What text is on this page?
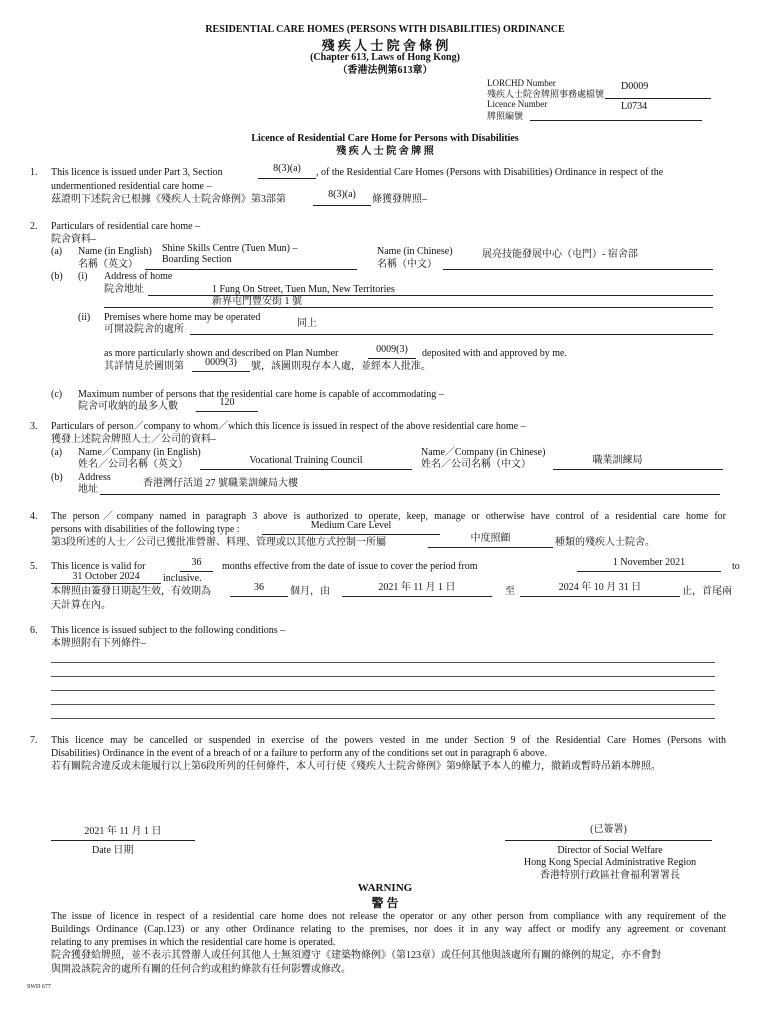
RESIDENTIAL CARE HOMES (PERSONS WITH DISABILITIES) ORDINANCE
殘 疾 人 士 院 舍 條 例
(Chapter 613, Laws of Hong Kong)
（香港法例第613章）
LORCHD Number	D0009
殘疾人士院舍牌照事務處檔號
Licence Number	L0734
牌照編號
Licence of Residential Care Home for Persons with Disabilities
殘 疾 人 士 院 舍 牌 照
1. This licence is issued under Part 3, Section	8(3)(a)	, of the Residential Care Homes (Persons with Disabilities) Ordinance in respect of the
undermentioned residential care home –
茲證明下述院舍已根據《殘疾人士院舍條例》第3部第	8(3)(a)	條獲發牌照–
2. Particulars of residential care home –
院舍資料–
(a) Name (in English) Shine Skills Centre (Tuen Mun) –
名稱（英文） Boarding Section
Name (in Chinese)	展亮技能發展中心（屯門）- 宿舍部
名稱（中文）
(b) (i) Address of home
院舍地址	1 Fung On Street, Tuen Mun, New Territories
新界屯門豐安街 1 號
(ii) Premises where home may be operated
同上
可開設院舍的處所
as more particularly shown and described on Plan Number	0009(3)	deposited with and approved by me.
其詳情見於圖則第	0009(3)	號，該圖則現存本人處，並經本人批准。
(c) Maximum number of persons that the residential care home is capable of accommodating –
院舍可收納的最多人數	120
3. Particulars of person／company to whom／which this licence is issued in respect of the above residential care home –
獲發上述院舍牌照人士／公司的資料–
(a) Name／Company (in English)
姓名／公司名稱（英文）	Vocational Training Council
Name／Company (in Chinese)
姓名／公司名稱（中文）	職業訓練局
(b) Address
香港灣仔活道 27 號職業訓練局大樓
地址
4. The person／company named in paragraph 3 above is authorized to operate, keep, manage or otherwise have control of a residential care home for
persons with disabilities of the following type :	Medium Care Level
第3段所述的人士／公司已獲批准營辦、料理、管理或以其他方式控制一所屬	中度照顧	種類的殘疾人士院舍。
5. This licence is valid for	36	months effective from the date of issue to cover the period from	1 November 2021	to
31 October 2024	inclusive.
本牌照由簽發日期起生效，有效期為	36	個月，由	2021 年 11 月 1 日	至	2024 年 10 月 31 日	止，首尾兩
天計算在內。
6. This licence is issued subject to the following conditions –
本牌照附有下列條件–
7. This licence may be cancelled or suspended in exercise of the powers vested in me under Section 9 of the Residential Care Homes (Persons with
Disabilities) Ordinance in the event of a breach of or a failure to perform any of the conditions set out in paragraph 6 above.
若有關院舍違反或未能履行以上第6段所列的任何條件，本人可行使《殘疾人士院舍條例》第9條賦予本人的權力，撤銷或暫時吊銷本牌照。
2021 年 11 月 1 日
Date 日期
(已簽署)
Director of Social Welfare
Hong Kong Special Administrative Region
香港特別行政區社會福利署署長
WARNING
警 告
The issue of licence in respect of a residential care home does not release the operator or any other person from compliance with any requirement of the
Buildings Ordinance (Cap.123) or any other Ordinance relating to the premises, nor does it in any way affect or modify any agreement or covenant
relating to any premises in which the residential care home is operated.
院舍獲發給牌照，並不表示其營辦人或任何其他人士無須遵守《建築物條例》（第123章）或任何其他與該處所有關的條例的規定，亦不會對
與開設該院舍的處所有關的任何合約或租約條款有任何影響或修改。
SWD 677
